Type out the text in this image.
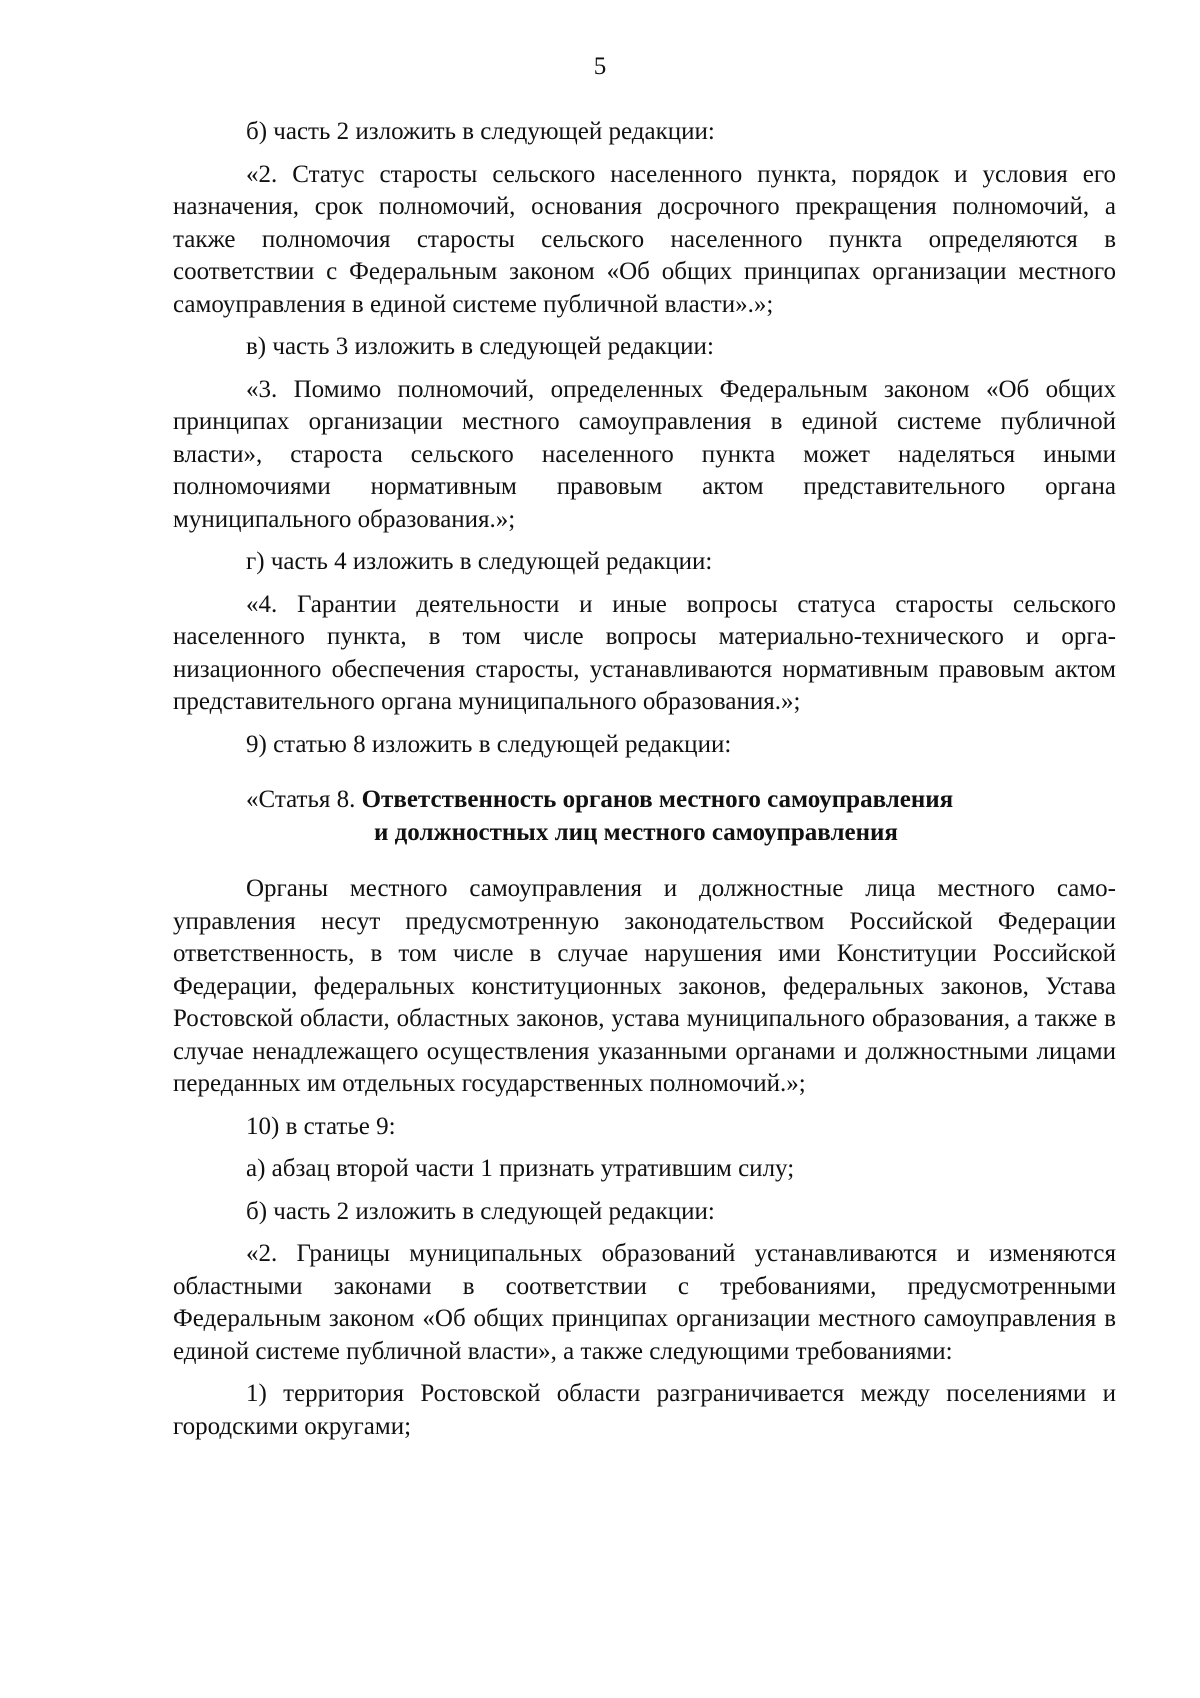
5

б) часть 2 изложить в следующей редакции:

«2. Статус старосты сельского населенного пункта, порядок и условия его назначения, срок полномочий, основания досрочного прекращения полномочий, а также полномочия старосты сельского населенного пункта определяются в соответствии с Федеральным законом «Об общих принципах организации местного самоуправления в единой системе публичной власти».»;

в) часть 3 изложить в следующей редакции:

«3. Помимо полномочий, определенных Федеральным законом «Об общих принципах организации местного самоуправления в единой системе публичной власти», староста сельского населенного пункта может наделяться иными полномочиями нормативным правовым актом представительного органа муниципального образования.»;

г) часть 4 изложить в следующей редакции:

«4. Гарантии деятельности и иные вопросы статуса старосты сельского населенного пункта, в том числе вопросы материально-технического и организационного обеспечения старосты, устанавливаются нормативным правовым актом представительного органа муниципального образования.»;

9) статью 8 изложить в следующей редакции:

«Статья 8. Ответственность органов местного самоуправления
и должностных лиц местного самоуправления

Органы местного самоуправления и должностные лица местного самоуправления несут предусмотренную законодательством Российской Федерации ответственность, в том числе в случае нарушения ими Конституции Российской Федерации, федеральных конституционных законов, федеральных законов, Устава Ростовской области, областных законов, устава муниципального образования, а также в случае ненадлежащего осуществления указанными органами и должностными лицами переданных им отдельных государственных полномочий.»;

10) в статье 9:

а) абзац второй части 1 признать утратившим силу;

б) часть 2 изложить в следующей редакции:

«2. Границы муниципальных образований устанавливаются и изменяются областными законами в соответствии с требованиями, предусмотренными Федеральным законом «Об общих принципах организации местного самоуправления в единой системе публичной власти», а также следующими требованиями:

1) территория Ростовской области разграничивается между поселениями и городскими округами;
